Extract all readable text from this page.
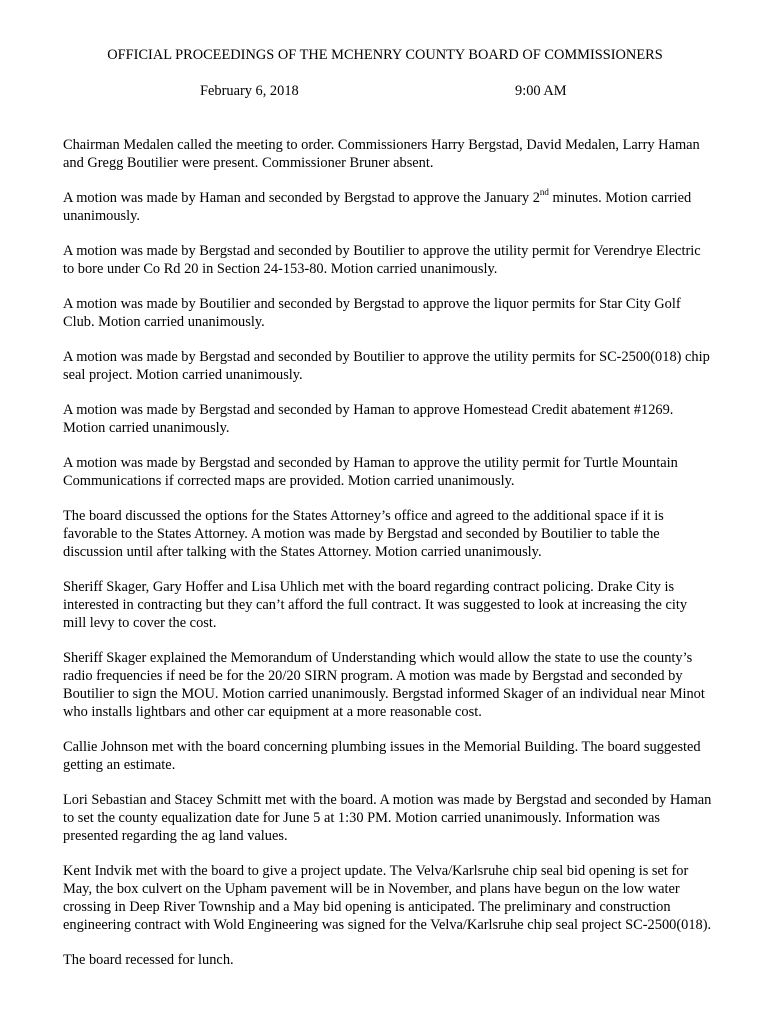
OFFICIAL PROCEEDINGS OF THE MCHENRY COUNTY BOARD OF COMMISSIONERS
February 6, 2018	9:00 AM

Chairman Medalen called the meeting to order. Commissioners Harry Bergstad, David Medalen, Larry Haman and Gregg Boutilier were present. Commissioner Bruner absent.

A motion was made by Haman and seconded by Bergstad to approve the January 2nd minutes. Motion carried unanimously.

A motion was made by Bergstad and seconded by Boutilier to approve the utility permit for Verendrye Electric to bore under Co Rd 20 in Section 24-153-80. Motion carried unanimously.

A motion was made by Boutilier and seconded by Bergstad to approve the liquor permits for Star City Golf Club. Motion carried unanimously.

A motion was made by Bergstad and seconded by Boutilier to approve the utility permits for SC-2500(018) chip seal project. Motion carried unanimously.

A motion was made by Bergstad and seconded by Haman to approve Homestead Credit abatement #1269. Motion carried unanimously.

A motion was made by Bergstad and seconded by Haman to approve the utility permit for Turtle Mountain Communications if corrected maps are provided. Motion carried unanimously.

The board discussed the options for the States Attorney’s office and agreed to the additional space if it is favorable to the States Attorney. A motion was made by Bergstad and seconded by Boutilier to table the discussion until after talking with the States Attorney. Motion carried unanimously.

Sheriff Skager, Gary Hoffer and Lisa Uhlich met with the board regarding contract policing. Drake City is interested in contracting but they can’t afford the full contract. It was suggested to look at increasing the city mill levy to cover the cost.

Sheriff Skager explained the Memorandum of Understanding which would allow the state to use the county’s radio frequencies if need be for the 20/20 SIRN program. A motion was made by Bergstad and seconded by Boutilier to sign the MOU. Motion carried unanimously. Bergstad informed Skager of an individual near Minot who installs lightbars and other car equipment at a more reasonable cost.

Callie Johnson met with the board concerning plumbing issues in the Memorial Building. The board suggested getting an estimate.

Lori Sebastian and Stacey Schmitt met with the board. A motion was made by Bergstad and seconded by Haman to set the county equalization date for June 5 at 1:30 PM. Motion carried unanimously. Information was presented regarding the ag land values.

Kent Indvik met with the board to give a project update. The Velva/Karlsruhe chip seal bid opening is set for May, the box culvert on the Upham pavement will be in November, and plans have begun on the low water crossing in Deep River Township and a May bid opening is anticipated. The preliminary and construction engineering contract with Wold Engineering was signed for the Velva/Karlsruhe chip seal project SC-2500(018).

The board recessed for lunch.
